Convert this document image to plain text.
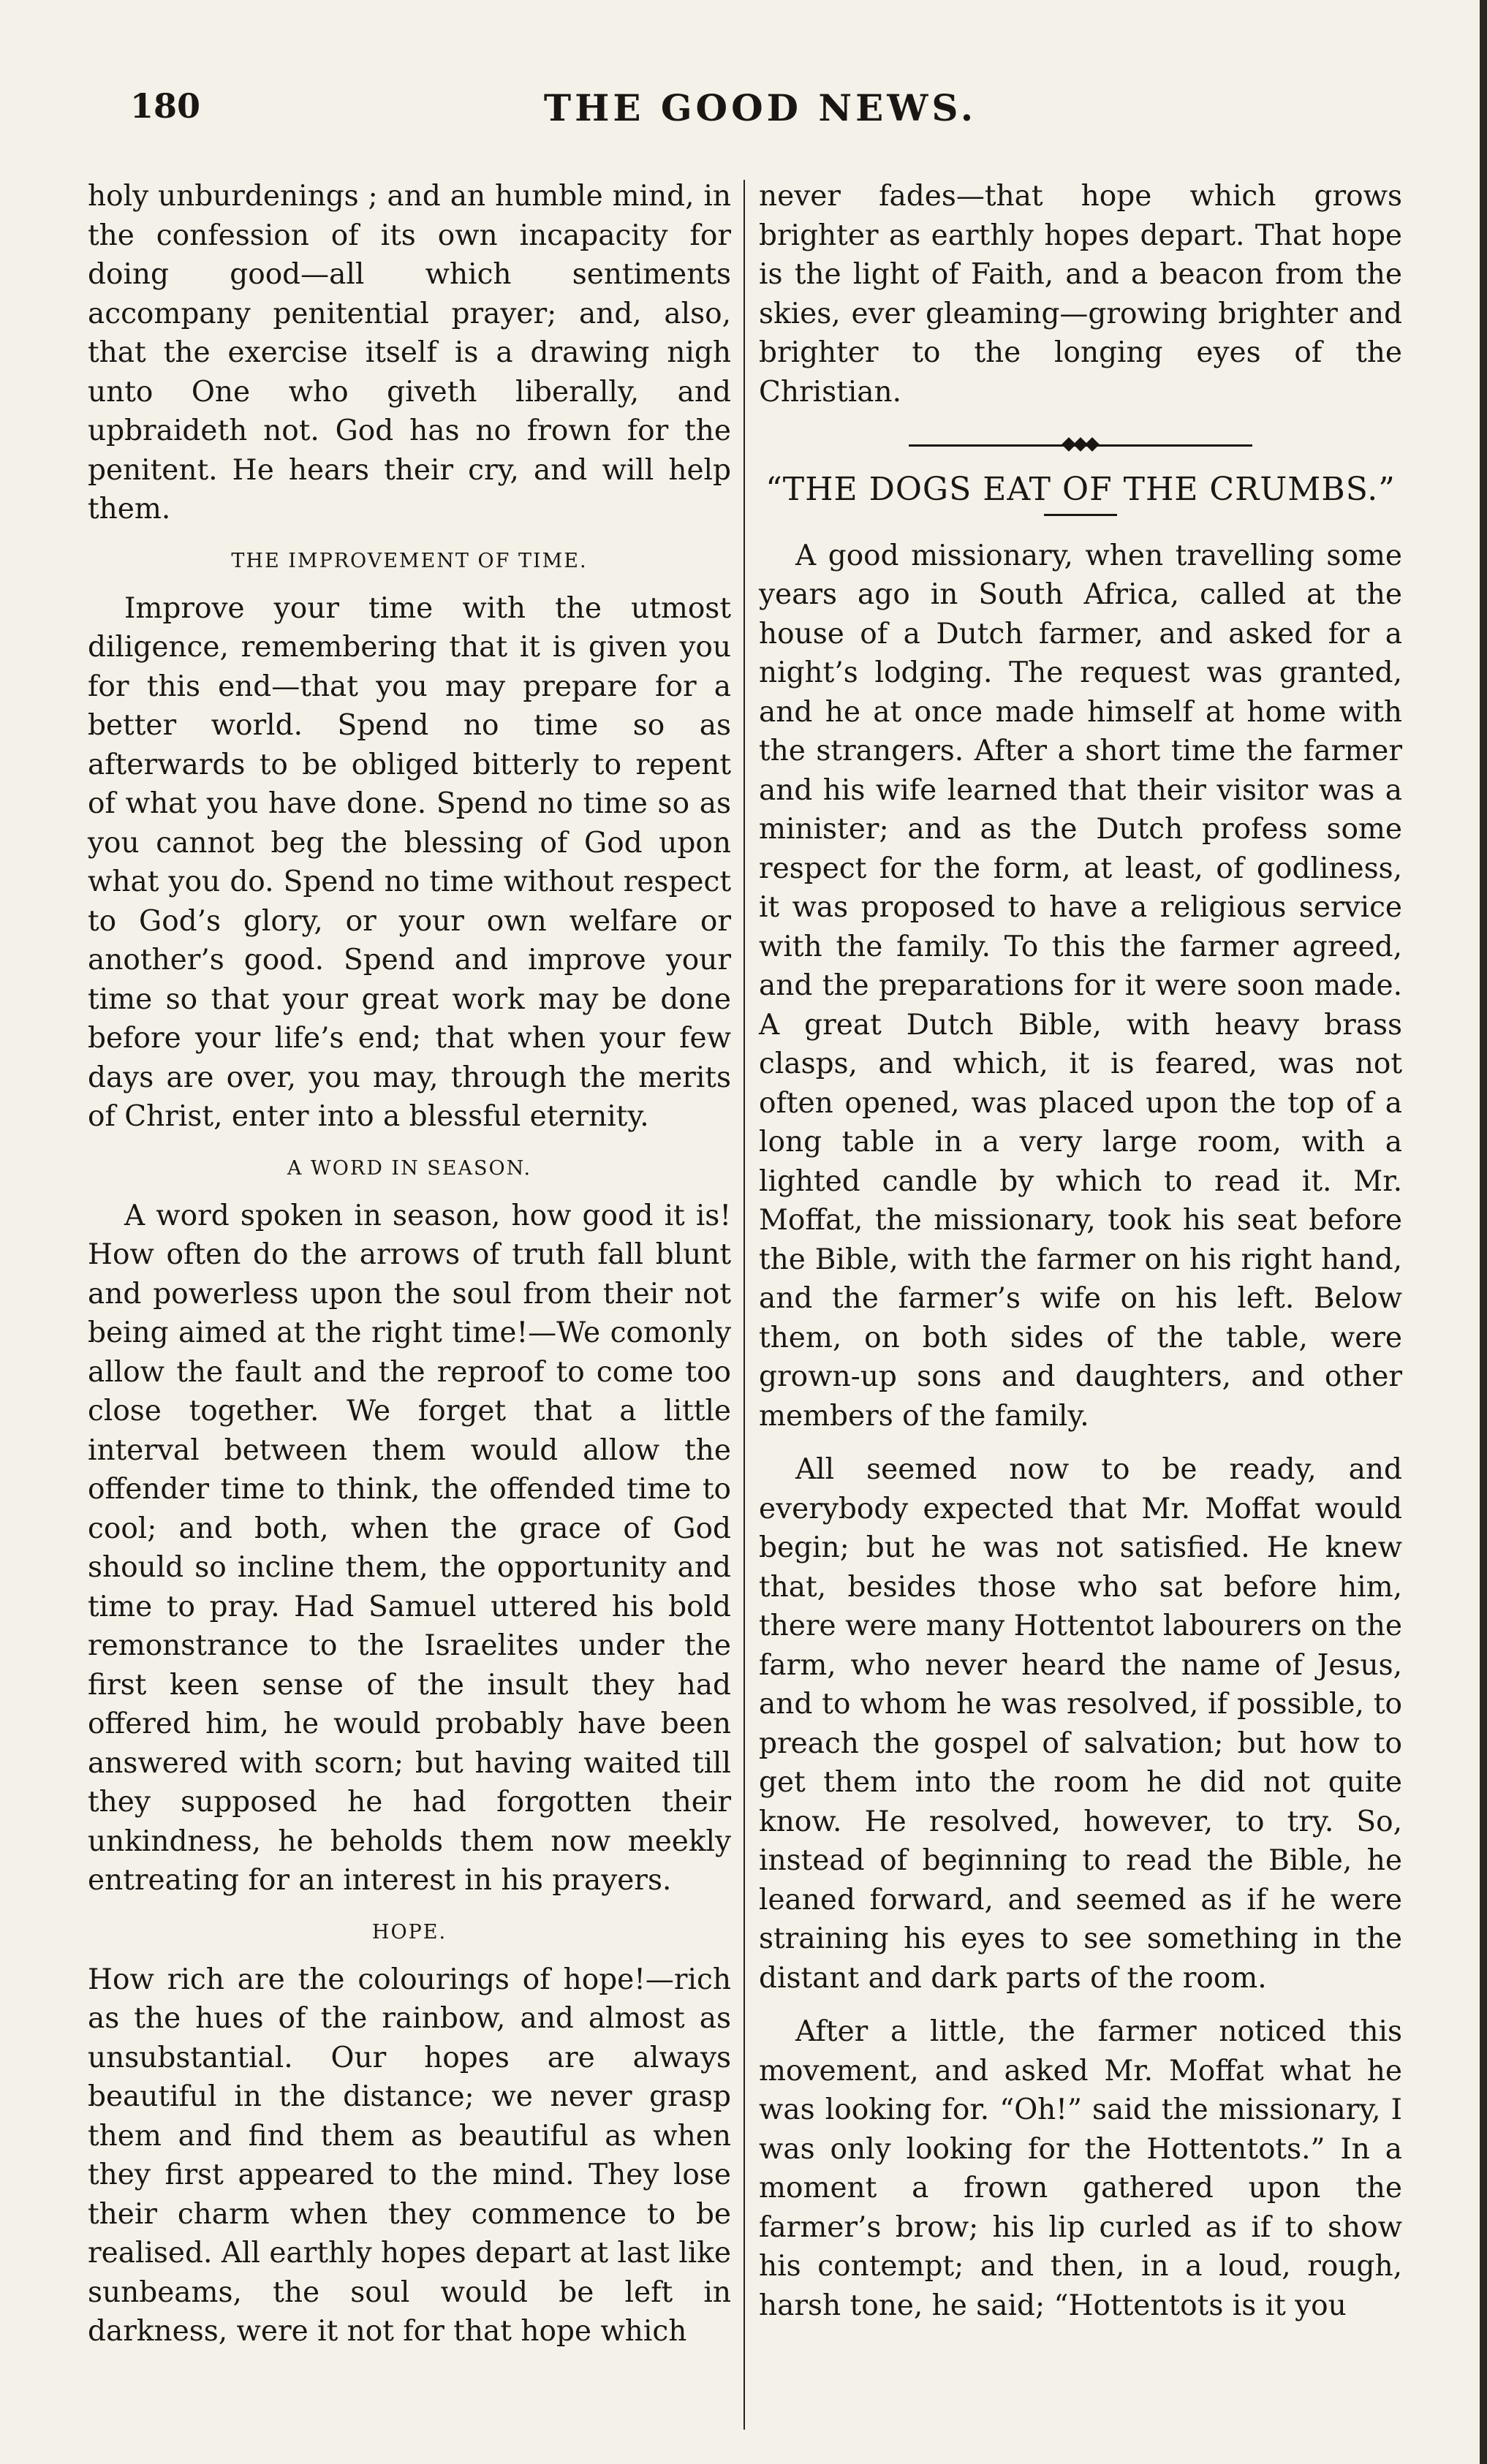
180	THE GOOD NEWS.

holy unburdenings ; and an humble mind, in the confession of its own incapacity for doing good—all which sentiments accompany penitential prayer; and, also, that the exercise itself is a drawing nigh unto One who giveth liberally, and upbraideth not. God has no frown for the penitent. He hears their cry, and will help them.

THE IMPROVEMENT OF TIME.

Improve your time with the utmost diligence, remembering that it is given you for this end—that you may prepare for a better world. Spend no time so as afterwards to be obliged bitterly to repent of what you have done. Spend no time so as you cannot beg the blessing of God upon what you do. Spend no time without respect to God’s glory, or your own welfare or another’s good. Spend and improve your time so that your great work may be done before your life’s end; that when your few days are over, you may, through the merits of Christ, enter into a blessful eternity.

A WORD IN SEASON.

A word spoken in season, how good it is! How often do the arrows of truth fall blunt and powerless upon the soul from their not being aimed at the right time!—We comonly allow the fault and the reproof to come too close together. We forget that a little interval between them would allow the offender time to think, the offended time to cool; and both, when the grace of God should so incline them, the opportunity and time to pray. Had Samuel uttered his bold remonstrance to the Israelites under the first keen sense of the insult they had offered him, he would probably have been answered with scorn; but having waited till they supposed he had forgotten their unkindness, he beholds them now meekly entreating for an interest in his prayers.

HOPE.

How rich are the colourings of hope!—rich as the hues of the rainbow, and almost as unsubstantial. Our hopes are always beautiful in the distance; we never grasp them and find them as beautiful as when they first appeared to the mind. They lose their charm when they commence to be realised. All earthly hopes depart at last like sunbeams, the soul would be left in darkness, were it not for that hope which

never fades—that hope which grows brighter as earthly hopes depart. That hope is the light of Faith, and a beacon from the skies, ever gleaming—growing brighter and brighter to the longing eyes of the Christian.

“THE DOGS EAT OF THE CRUMBS.”

A good missionary, when travelling some years ago in South Africa, called at the house of a Dutch farmer, and asked for a night’s lodging. The request was granted, and he at once made himself at home with the strangers. After a short time the farmer and his wife learned that their visitor was a minister; and as the Dutch profess some respect for the form, at least, of godliness, it was proposed to have a religious service with the family. To this the farmer agreed, and the preparations for it were soon made. A great Dutch Bible, with heavy brass clasps, and which, it is feared, was not often opened, was placed upon the top of a long table in a very large room, with a lighted candle by which to read it. Mr. Moffat, the missionary, took his seat before the Bible, with the farmer on his right hand, and the farmer’s wife on his left. Below them, on both sides of the table, were grown-up sons and daughters, and other members of the family.

All seemed now to be ready, and everybody expected that Mr. Moffat would begin; but he was not satisfied. He knew that, besides those who sat before him, there were many Hottentot labourers on the farm, who never heard the name of Jesus, and to whom he was resolved, if possible, to preach the gospel of salvation; but how to get them into the room he did not quite know. He resolved, however, to try. So, instead of beginning to read the Bible, he leaned forward, and seemed as if he were straining his eyes to see something in the distant and dark parts of the room.

After a little, the farmer noticed this movement, and asked Mr. Moffat what he was looking for. “Oh!” said the missionary, I was only looking for the Hottentots.” In a moment a frown gathered upon the farmer’s brow; his lip curled as if to show his contempt; and then, in a loud, rough, harsh tone, he said; “Hottentots is it you
